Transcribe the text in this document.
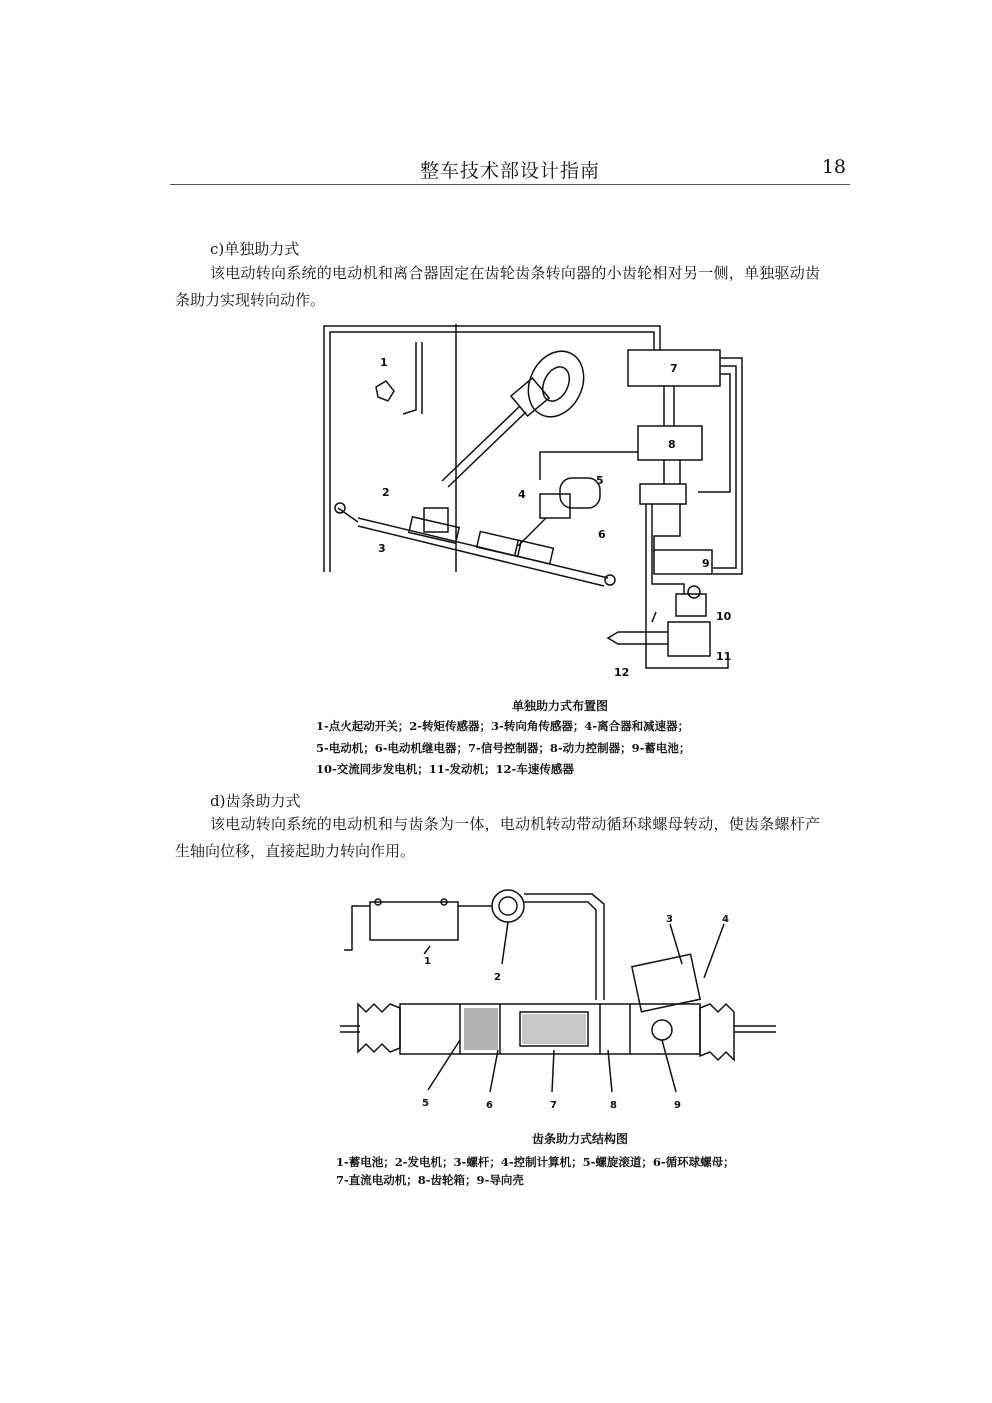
整车技术部设计指南	18
c)单独助力式
该电动转向系统的电动机和离合器固定在齿轮齿条转向器的小齿轮相对另一侧，单独驱动齿条助力实现转向动作。
1
2
3
4
5
6
7
8
9
10
11
12
单独助力式布置图
1-点火起动开关；2-转矩传感器；3-转向角传感器；4-离合器和减速器；
5-电动机；6-电动机继电器；7-信号控制器；8-动力控制器；9-蓄电池；
10-交流同步发电机；11-发动机；12-车速传感器
d)齿条助力式
该电动转向系统的电动机和与齿条为一体，电动机转动带动循环球螺母转动，使齿条螺杆产生轴向位移，直接起助力转向作用。
1
2
3	4
5	6	7	8	9
齿条助力式结构图
1-蓄电池；2-发电机；3-螺杆；4-控制计算机；5-螺旋滚道；6-循环球螺母；
7-直流电动机；8-齿轮箱；9-导向壳
